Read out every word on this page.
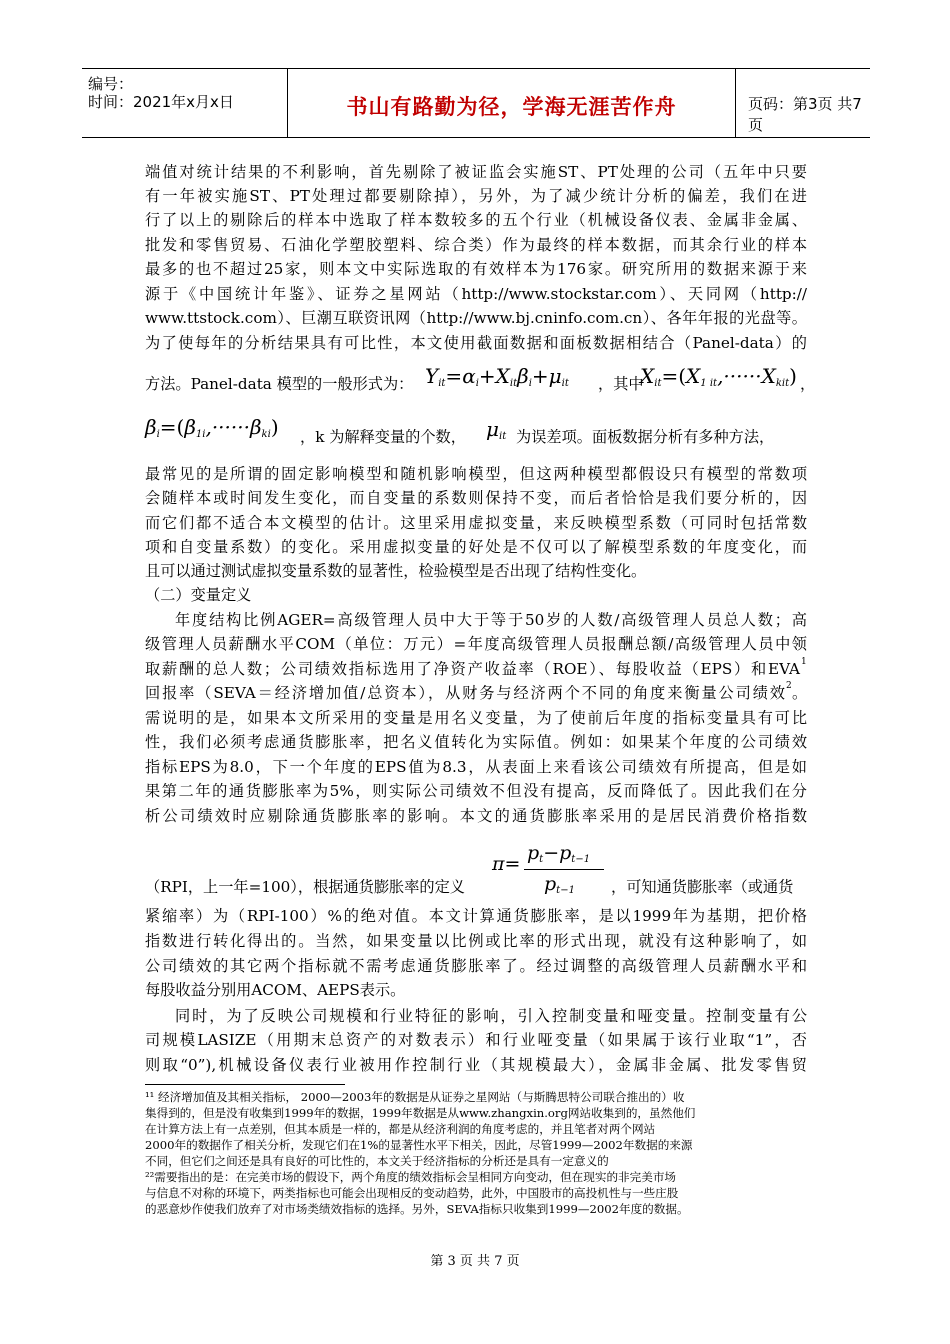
编号：
时间：2021年x月x日	书山有路勤为径，学海无涯苦作舟	页码：第3页 共7页
端值对统计结果的不利影响，首先剔除了被证监会实施ST、PT处理的公司（五年中只要
有一年被实施ST、PT处理过都要剔除掉），另外，为了减少统计分析的偏差，我们在进
行了以上的剔除后的样本中选取了样本数较多的五个行业（机械设备仪表、金属非金属、
批发和零售贸易、石油化学塑胶塑料、综合类）作为最终的样本数据，而其余行业的样本
最多的也不超过25家，则本文中实际选取的有效样本为176家。研究所用的数据来源于来
源于《中国统计年鉴》、证券之星网站（http://www.stockstar.com）、天同网（http://
www.ttstock.com）、巨潮互联资讯网（http://www.bj.cninfo.com.cn）、各年年报的光盘等。
为了使每年的分析结果具有可比性，本文使用截面数据和面板数据相结合（Panel-data）的
方法。Panel-data 模型的一般形式为： $Y_{it}=\alpha_i+X_{it}\beta_i+\mu_{it}$ ，其中
$X_{it}=(X_{1 it},\cdot\cdot\cdot\cdot\cdot\cdot X_{kit})$ ，
$\beta_i=(\beta_{1i},\cdot\cdot\cdot\cdot\cdot\cdot\beta_{ki})$ ，k 为解释变量的个数，	$\mu_{it}$ 为误差项。面板数据分析有多种方法，
最常见的是所谓的固定影响模型和随机影响模型，但这两种模型都假设只有模型的常数项
会随样本或时间发生变化，而自变量的系数则保持不变，而后者恰恰是我们要分析的，因
而它们都不适合本文模型的估计。这里采用虚拟变量，来反映模型系数（可同时包括常数
项和自变量系数）的变化。采用虚拟变量的好处是不仅可以了解模型系数的年度变化，而
且可以通过测试虚拟变量系数的显著性，检验模型是否出现了结构性变化。
（二）变量定义
年度结构比例AGER=高级管理人员中大于等于50岁的人数/高级管理人员总人数；高
级管理人员薪酬水平COM（单位：万元）=年度高级管理人员报酬总额/高级管理人员中领
取薪酬的总人数；公司绩效指标选用了净资产收益率（ROE）、每股收益（EPS）和EVA 1
回报率（SEVA＝经济增加值/总资本），从财务与经济两个不同的角度来衡量公司绩效 2 。
需说明的是，如果本文所采用的变量是用名义变量，为了使前后年度的指标变量具有可比
性，我们必须考虑通货膨胀率，把名义值转化为实际值。例如：如果某个年度的公司绩效
指标EPS为8.0，下一个年度的EPS值为8.3，从表面上来看该公司绩效有所提高，但是如
果第二年的通货膨胀率为5%，则实际公司绩效不但没有提高，反而降低了。因此我们在分
析公司绩效时应剔除通货膨胀率的影响。本文的通货膨胀率采用的是居民消费价格指数
$\pi= p_t-p_{t-1}$
$p_{t-1}$
（RPI，上一年=100），根据通货膨胀率的定义	，可知通货膨胀率（或通货
紧缩率）为（RPI-100）%的绝对值。本文计算通货膨胀率，是以1999年为基期，把价格
指数进行转化得出的。当然，如果变量以比例或比率的形式出现，就没有这种影响了，如
公司绩效的其它两个指标就不需考虑通货膨胀率了。经过调整的高级管理人员薪酬水平和
每股收益分别用ACOM、AEPS表示。
同时，为了反映公司规模和行业特征的影响，引入控制变量和哑变量。控制变量有公
司规模LASIZE（用期末总资产的对数表示）和行业哑变量（如果属于该行业取“1”，否
则取“0”),机械设备仪表行业被用作控制行业（其规模最大），金属非金属、批发零售贸
¹¹ 经济增加值及其相关指标， 2000—2003年的数据是从证券之星网站（与斯腾思特公司联合推出的）收
集得到的，但是没有收集到1999年的数据，1999年数据是从www.zhangxin.org网站收集到的，虽然他们
在计算方法上有一点差别，但其本质是一样的，都是从经济利润的角度考虑的，并且笔者对两个网站
2000年的数据作了相关分析，发现它们在1%的显著性水平下相关，因此，尽管1999—2002年数据的来源
不同，但它们之间还是具有良好的可比性的，本文关于经济指标的分析还是具有一定意义的
²²需要指出的是：在完美市场的假设下，两个角度的绩效指标会呈相同方向变动，但在现实的非完美市场
与信息不对称的环境下，两类指标也可能会出现相反的变动趋势，此外，中国股市的高投机性与一些庄股
的恶意炒作使我们放弃了对市场类绩效指标的选择。另外，SEVA指标只收集到1999—2002年度的数据。
第 3 页 共 7 页
